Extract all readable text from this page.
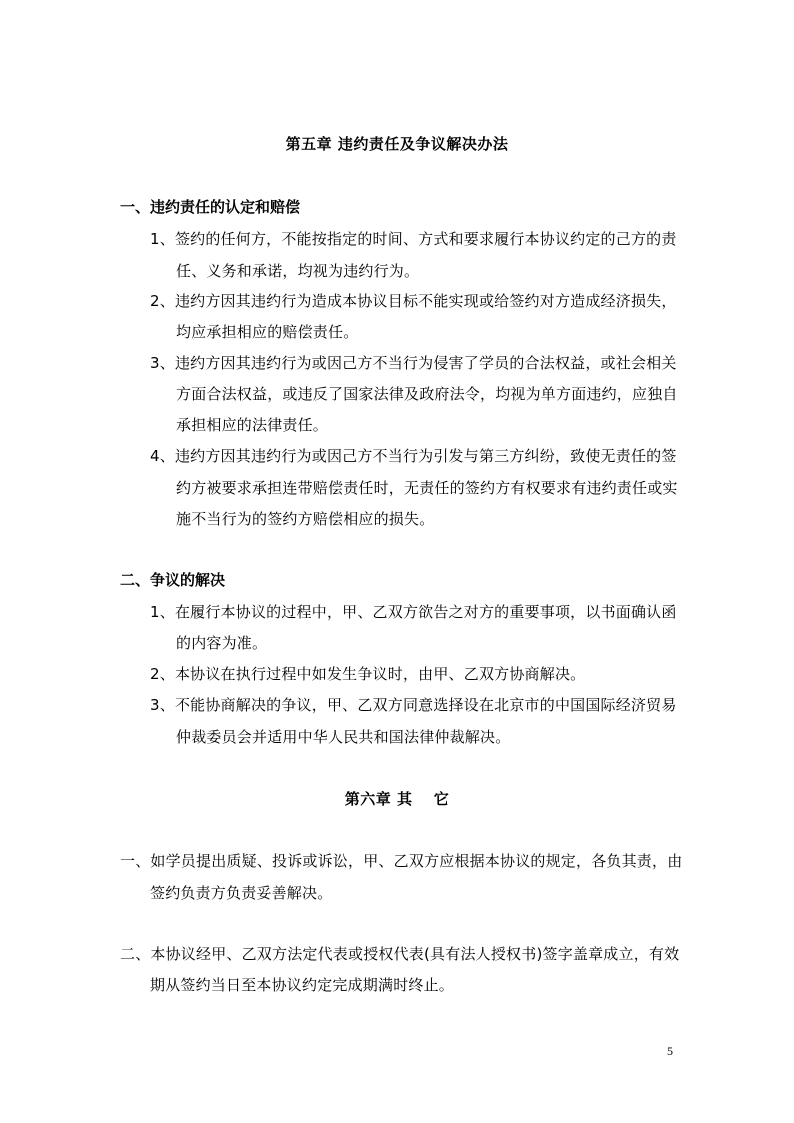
第五章 违约责任及争议解决办法
一、违约责任的认定和赔偿
1、签约的任何方，不能按指定的时间、方式和要求履行本协议约定的己方的责
任、义务和承诺，均视为违约行为。
2、违约方因其违约行为造成本协议目标不能实现或给签约对方造成经济损失，
均应承担相应的赔偿责任。
3、违约方因其违约行为或因己方不当行为侵害了学员的合法权益，或社会相关
方面合法权益，或违反了国家法律及政府法令，均视为单方面违约，应独自
承担相应的法律责任。
4、违约方因其违约行为或因己方不当行为引发与第三方纠纷，致使无责任的签
约方被要求承担连带赔偿责任时，无责任的签约方有权要求有违约责任或实
施不当行为的签约方赔偿相应的损失。
二、争议的解决
1、在履行本协议的过程中，甲、乙双方欲告之对方的重要事项，以书面确认函
的内容为准。
2、本协议在执行过程中如发生争议时，由甲、乙双方协商解决。
3、不能协商解决的争议，甲、乙双方同意选择设在北京市的中国国际经济贸易
仲裁委员会并适用中华人民共和国法律仲裁解决。
第六章 其　 它
一、如学员提出质疑、投诉或诉讼，甲、乙双方应根据本协议的规定，各负其责，由
签约负责方负责妥善解决。
二、本协议经甲、乙双方法定代表或授权代表(具有法人授权书)签字盖章成立，有效
期从签约当日至本协议约定完成期满时终止。
5
